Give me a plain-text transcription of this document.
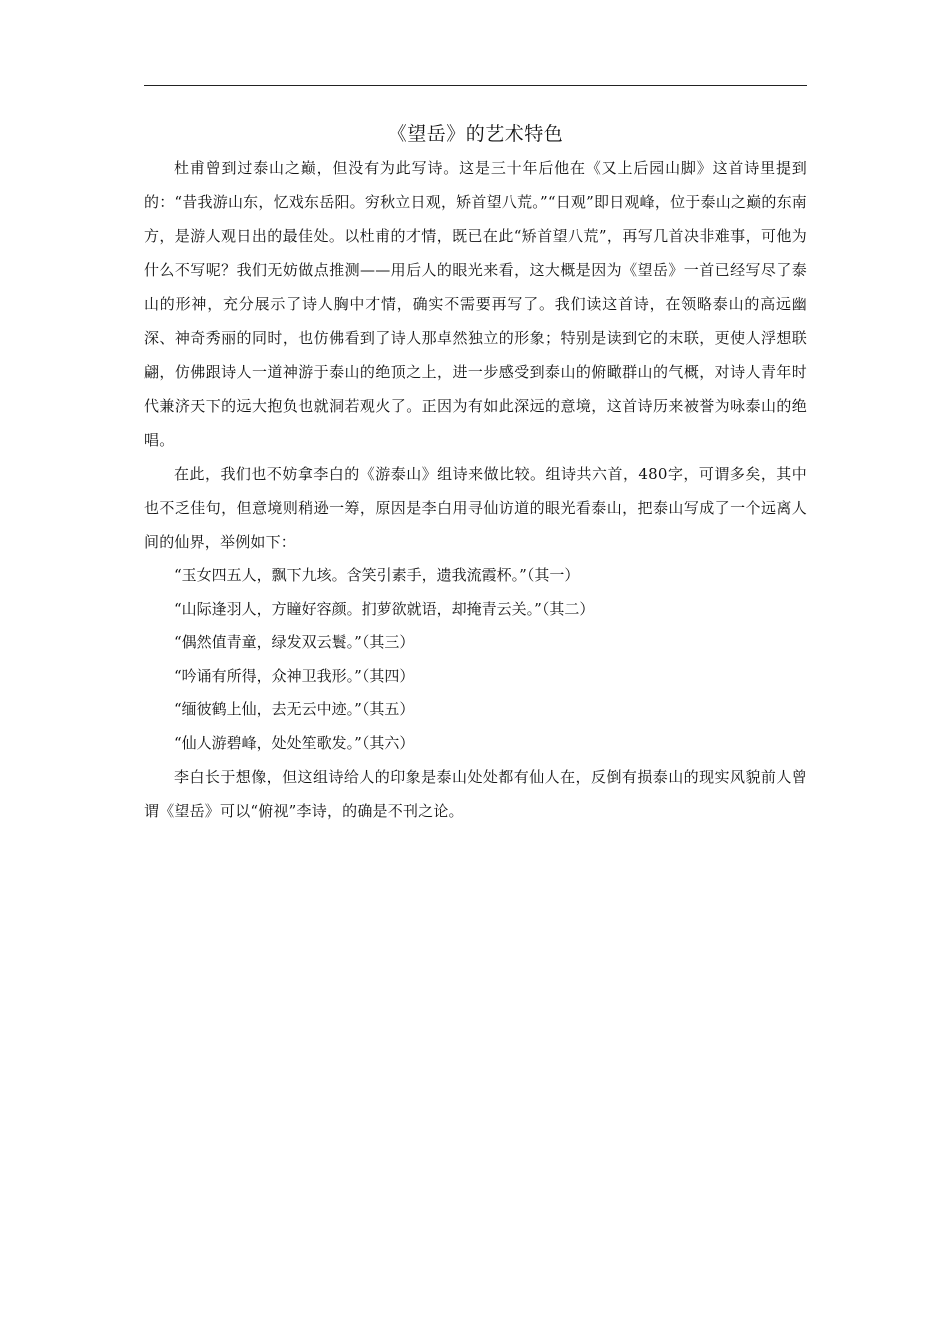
《望岳》的艺术特色

杜甫曾到过泰山之巅，但没有为此写诗。这是三十年后他在《又上后园山脚》这首诗里提到的：“昔我游山东，忆戏东岳阳。穷秋立日观，矫首望八荒。”“日观”即日观峰，位于泰山之巅的东南方，是游人观日出的最佳处。以杜甫的才情，既已在此“矫首望八荒”，再写几首决非难事，可他为什么不写呢？我们无妨做点推测——用后人的眼光来看，这大概是因为《望岳》一首已经写尽了泰山的形神，充分展示了诗人胸中才情，确实不需要再写了。我们读这首诗，在领略泰山的高远幽深、神奇秀丽的同时，也仿佛看到了诗人那卓然独立的形象；特别是读到它的末联，更使人浮想联翩，仿佛跟诗人一道神游于泰山的绝顶之上，进一步感受到泰山的俯瞰群山的气概，对诗人青年时代兼济天下的远大抱负也就洞若观火了。正因为有如此深远的意境，这首诗历来被誉为咏泰山的绝唱。

在此，我们也不妨拿李白的《游泰山》组诗来做比较。组诗共六首，480字，可谓多矣，其中也不乏佳句，但意境则稍逊一筹，原因是李白用寻仙访道的眼光看泰山，把泰山写成了一个远离人间的仙界，举例如下：

“玉女四五人，飘下九垓。含笑引素手，遗我流霞杯。”（其一）
“山际逢羽人，方瞳好容颜。扪萝欲就语，却掩青云关。”（其二）
“偶然值青童，绿发双云鬟。”（其三）
“吟诵有所得，众神卫我形。”（其四）
“缅彼鹤上仙，去无云中迹。”（其五）
“仙人游碧峰，处处笙歌发。”（其六）

李白长于想像，但这组诗给人的印象是泰山处处都有仙人在，反倒有损泰山的现实风貌前人曾谓《望岳》可以“俯视”李诗，的确是不刊之论。
